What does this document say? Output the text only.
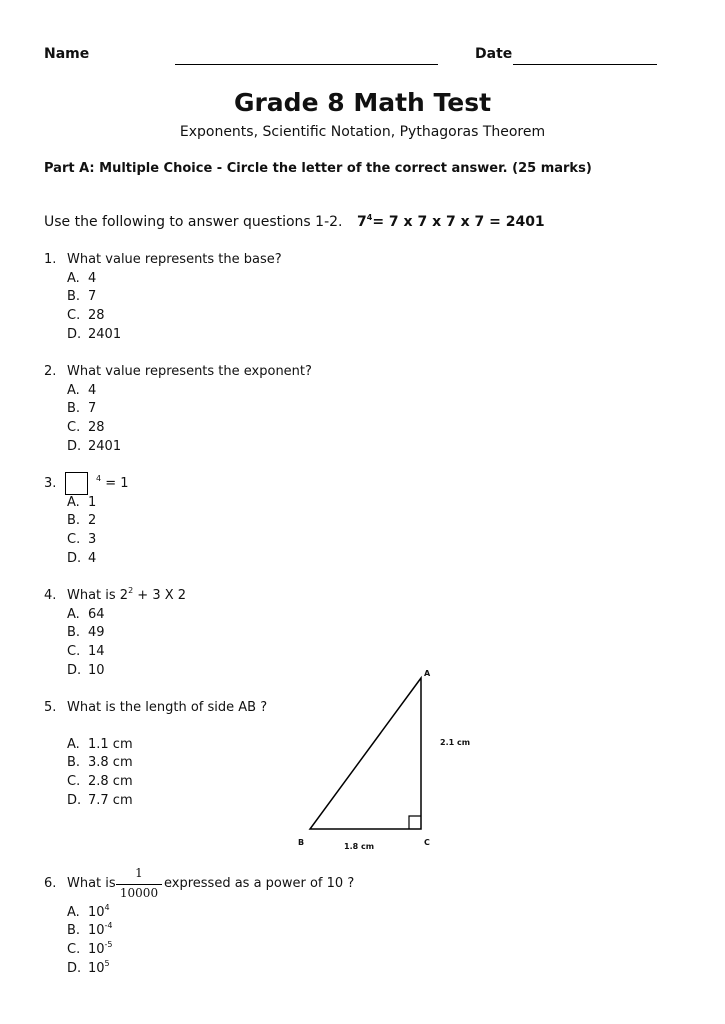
Name	Date
Grade 8 Math Test
Exponents, Scientific Notation, Pythagoras Theorem
Part A: Multiple Choice - Circle the letter of the correct answer. (25 marks)
Use the following to answer questions 1-2. $7^4= 7$ x 7 x 7 x 7 = 2401
1. What value represents the base?
A. 4
B. 7
C. 28
D. 2401
2. What value represents the exponent?
A. 4
B. 7
C. 28
D. 2401
3.	$^4$ = 1
A. 1
B. 2
C. 3
D. 4
4. What is $2^2 + 3$ X 2
A. 64
B. 49
C. 14
D. 10
5. What is the length of side AB ?
A. 1.1 cm
B. 3.8 cm
C. 2.8 cm
D. 7.7 cm
A
B	C
2.1 cm
1.8 cm
6. What is
1
10000
expressed as a power of 10 ?
A. $10^4$
B. $10^{-4}$
C. $10^{-5}$
D. $10^5$
